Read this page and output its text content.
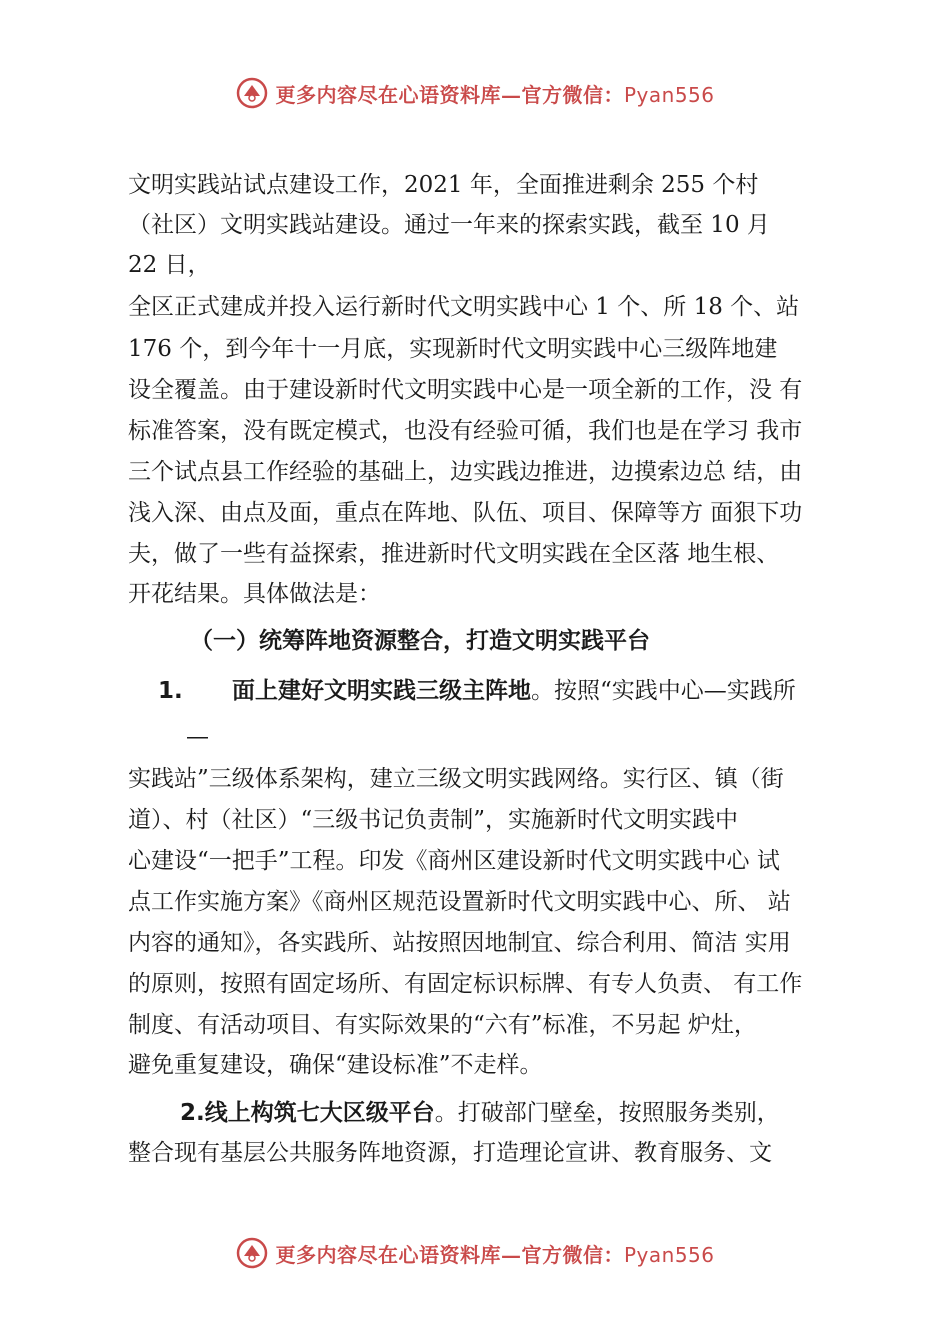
更多内容尽在心语资料库—官方微信：Pyan556
文明实践站试点建设工作，2021 年，全面推进剩余 255 个村
（社区）文明实践站建设。通过一年来的探索实践，截至 10 月
22 日，
全区正式建成并投入运行新时代文明实践中心 1 个、所 18 个、站
176 个，到今年十一月底，实现新时代文明实践中心三级阵地建
设全覆盖。由于建设新时代文明实践中心是一项全新的工作，没 有
标准答案，没有既定模式，也没有经验可循，我们也是在学习 我市
三个试点县工作经验的基础上，边实践边推进，边摸索边总 结，由
浅入深、由点及面，重点在阵地、队伍、项目、保障等方 面狠下功
夫，做了一些有益探索，推进新时代文明实践在全区落 地生根、
开花结果。具体做法是：
（一）统筹阵地资源整合，打造文明实践平台
1. 面上建好文明实践三级主阵地。按照“实践中心—实践所
—
实践站”三级体系架构，建立三级文明实践网络。实行区、镇（街
道）、村（社区）“三级书记负责制”，实施新时代文明实践中
心建设“一把手”工程。印发《商州区建设新时代文明实践中心 试
点工作实施方案》《商州区规范设置新时代文明实践中心、所、 站
内容的通知》，各实践所、站按照因地制宜、综合利用、简洁 实用
的原则，按照有固定场所、有固定标识标牌、有专人负责、 有工作
制度、有活动项目、有实际效果的“六有”标准，不另起 炉灶，
避免重复建设，确保“建设标准”不走样。
2.线上构筑七大区级平台。打破部门壁垒，按照服务类别，
整合现有基层公共服务阵地资源，打造理论宣讲、教育服务、文
更多内容尽在心语资料库—官方微信：Pyan556
